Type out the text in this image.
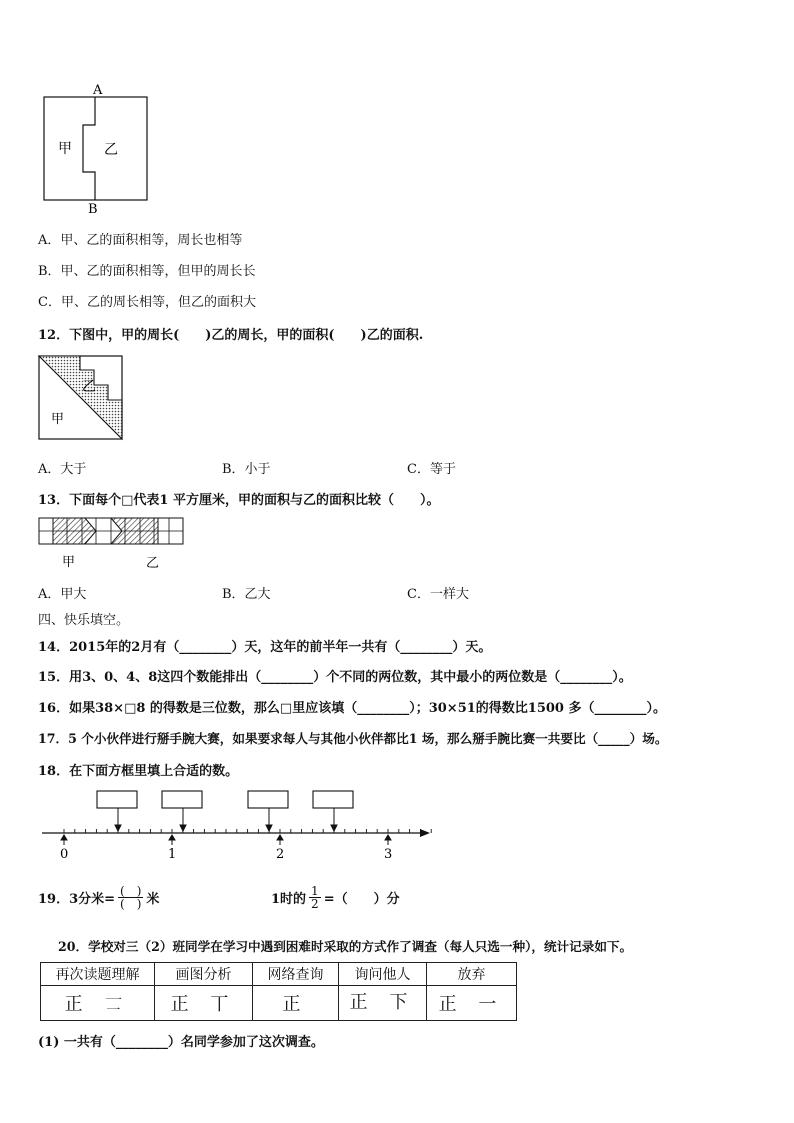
A
B
甲 乙
A．甲、乙的面积相等，周长也相等
B．甲、乙的面积相等，但甲的周长长
C．甲、乙的周长相等，但乙的面积大
12．下图中，甲的周长(　　)乙的周长，甲的面积(　　)乙的面积.
乙
甲
A．大于	B．小于	C．等于
13．下面每个□代表1 平方厘米，甲的面积与乙的面积比较（　　）。
甲	乙
A．甲大	B．乙大	C．一样大
四、快乐填空。
14．2015年的2月有（________）天，这年的前半年一共有（________）天。
15．用3、0、4、8这四个数能排出（________）个不同的两位数，其中最小的两位数是（________）。
16．如果38×□8 的得数是三位数，那么□里应该填（________）；30×51的得数比1500 多（________）。
17．5 个小伙伴进行掰手腕大赛，如果要求每人与其他小伙伴都比1 场，那么掰手腕比赛一共要比（_____）场。
18．在下面方框里填上合适的数。
0	1	2	3
19．3分米= $\frac{( )}{( )}$ 米	1时的 $\frac{1}{2}$ =（　　）分
20．学校对三（2）班同学在学习中遇到困难时采取的方式作了调查（每人只选一种），统计记录如下。
再次读题理解	画图分析	网络查询	询问他人	放弃
正 𠄟	正 丅	正	正 下	正 一
(1) 一共有（________）名同学参加了这次调查。
